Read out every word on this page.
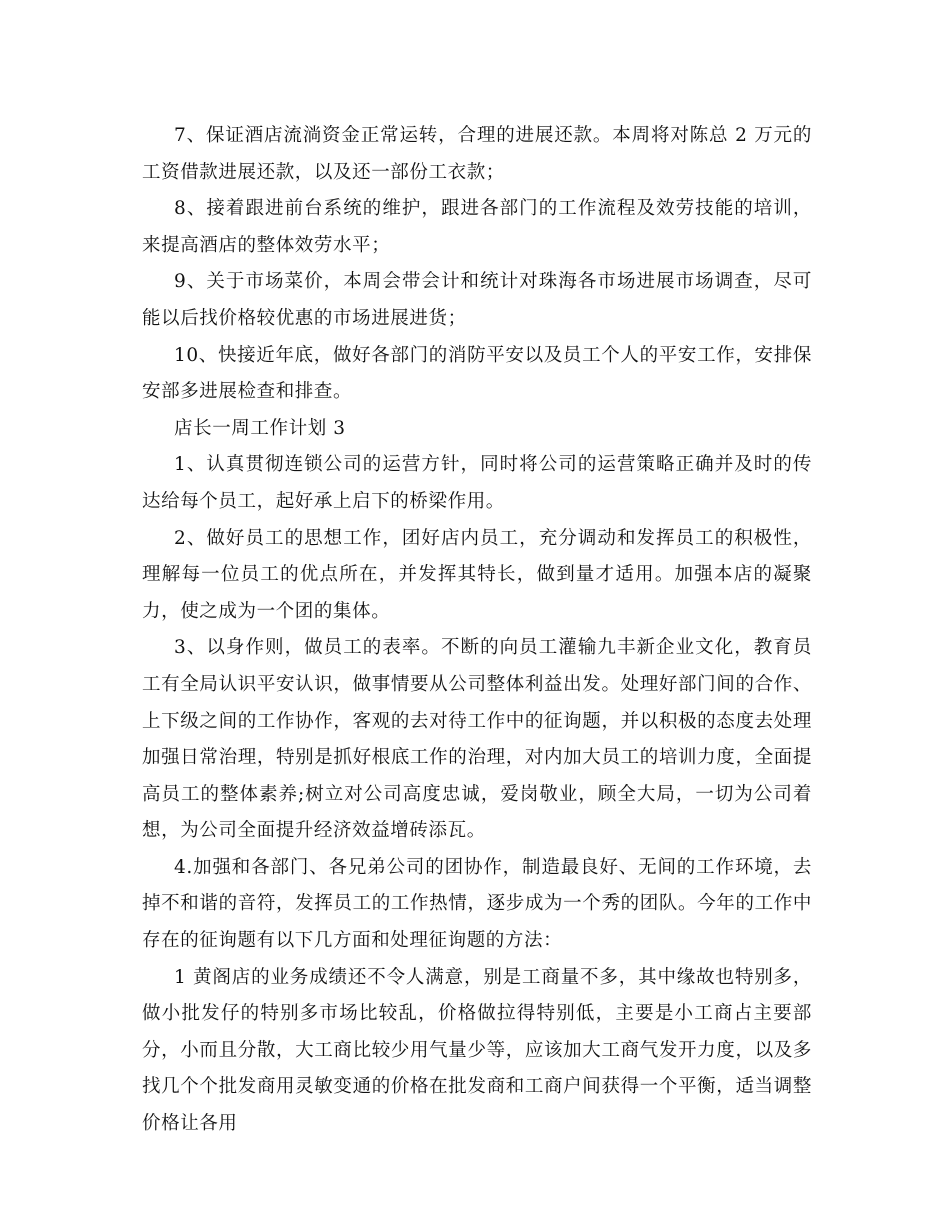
7、保证酒店流淌资金正常运转，合理的进展还款。本周将对陈总 2 万元的工资借款进展还款，以及还一部份工衣款；

8、接着跟进前台系统的维护，跟进各部门的工作流程及效劳技能的培训，来提高酒店的整体效劳水平；

9、关于市场菜价，本周会带会计和统计对珠海各市场进展市场调查，尽可能以后找价格较优惠的市场进展进货；

10、快接近年底，做好各部门的消防平安以及员工个人的平安工作，安排保安部多进展检查和排查。

店长一周工作计划 3

1、认真贯彻连锁公司的运营方针，同时将公司的运营策略正确并及时的传达给每个员工，起好承上启下的桥梁作用。

2、做好员工的思想工作，团好店内员工，充分调动和发挥员工的积极性，理解每一位员工的优点所在，并发挥其特长，做到量才适用。加强本店的凝聚力，使之成为一个团的集体。

3、以身作则，做员工的表率。不断的向员工灌输九丰新企业文化，教育员工有全局认识平安认识，做事情要从公司整体利益出发。处理好部门间的合作、上下级之间的工作协作，客观的去对待工作中的征询题，并以积极的态度去处理加强日常治理，特别是抓好根底工作的治理，对内加大员工的培训力度，全面提高员工的整体素养;树立对公司高度忠诚，爱岗敬业，顾全大局，一切为公司着想，为公司全面提升经济效益增砖添瓦。

4.加强和各部门、各兄弟公司的团协作，制造最良好、无间的工作环境，去掉不和谐的音符，发挥员工的工作热情，逐步成为一个秀的团队。今年的工作中存在的征询题有以下几方面和处理征询题的方法：

1 黄阁店的业务成绩还不令人满意，别是工商量不多，其中缘故也特别多，做小批发仔的特别多市场比较乱，价格做拉得特别低，主要是小工商占主要部分，小而且分散，大工商比较少用气量少等，应该加大工商气发开力度，以及多找几个个批发商用灵敏变通的价格在批发商和工商户间获得一个平衡，适当调整价格让各用
